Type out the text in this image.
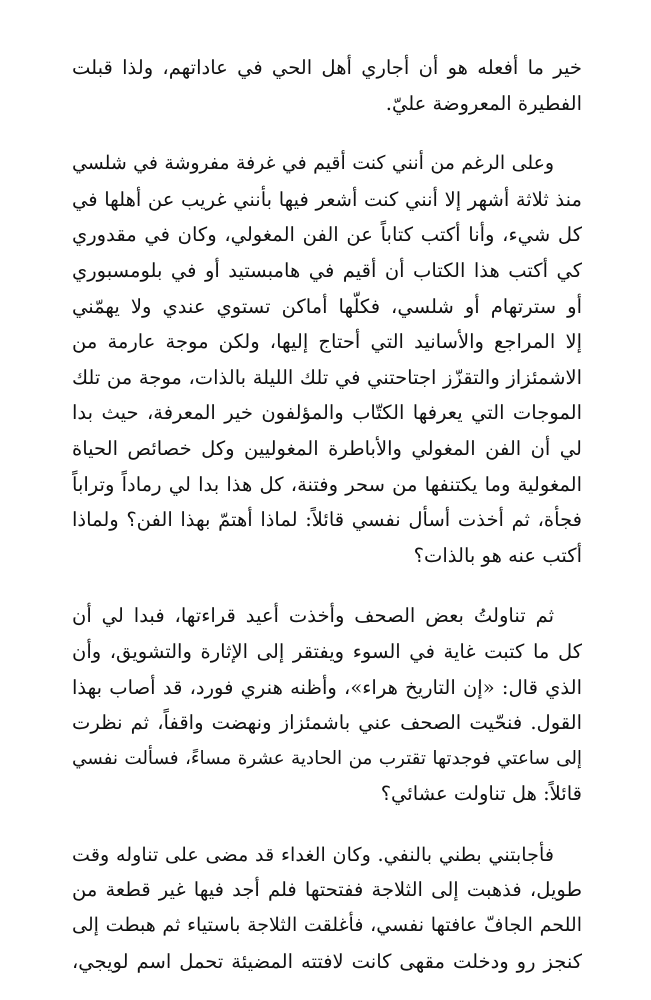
خير ما أفعله هو أن أجاري أهل الحي في عاداتهم، ولذا قبلت
الفطيرة المعروضة عليّ.
وعلى الرغم من أنني كنت أقيم في غرفة مفروشة في شلسي
منذ ثلاثة أشهر إلا أنني كنت أشعر فيها بأنني غريب عن أهلها في
كل شيء، وأنا أكتب كتاباً عن الفن المغولي، وكان في مقدوري
كي أكتب هذا الكتاب أن أقيم في هامبستيد أو في بلومسبوري
أو سترتهام أو شلسي، فكلّها أماكن تستوي عندي ولا يهمّني
إلا المراجع والأسانيد التي أحتاج إليها، ولكن موجة عارمة من
الاشمئزاز والتقزّز اجتاحتني في تلك الليلة بالذات، موجة من تلك
الموجات التي يعرفها الكتّاب والمؤلفون خير المعرفة، حيث بدا
لي أن الفن المغولي والأباطرة المغوليين وكل خصائص الحياة
المغولية وما يكتنفها من سحر وفتنة، كل هذا بدا لي رماداً وتراباً
فجأة، ثم أخذت أسأل نفسي قائلاً: لماذا أهتمّ بهذا الفن؟ ولماذا
أكتب عنه هو بالذات؟
ثم تناولتُ بعض الصحف وأخذت أعيد قراءتها، فبدا لي أن
كل ما كتبت غاية في السوء ويفتقر إلى الإثارة والتشويق، وأن
الذي قال: «إن التاريخ هراء»، وأظنه هنري فورد، قد أصاب بهذا
القول. فنحّيت الصحف عني باشمئزاز ونهضت واقفاً، ثم نظرت
إلى ساعتي فوجدتها تقترب من الحادية عشرة مساءً، فسألت نفسي
قائلاً: هل تناولت عشائي؟
فأجابتني بطني بالنفي. وكان الغداء قد مضى على تناوله وقت
طويل، فذهبت إلى الثلاجة ففتحتها فلم أجد فيها غير قطعة من
اللحم الجافّ عافتها نفسي، فأغلقت الثلاجة باستياء ثم هبطت إلى
كنجز رو ودخلت مقهى كانت لافتته المضيئة تحمل اسم لويجي،
